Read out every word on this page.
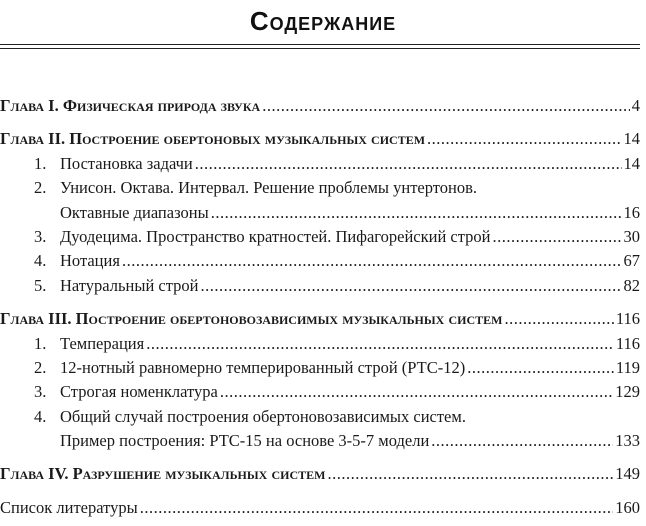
Содержание
Глава I. Физическая природа звука .....	4
Глава II. Построение обертоновых музыкальных систем .....	14
1. Постановка задачи .....	14
2. Унисон. Октава. Интервал. Решение проблемы унтертонов.
Октавные диапазоны .....	16
3. Дуодецима. Пространство кратностей. Пифагорейский строй .....	30
4. Нотация .....	67
5. Натуральный строй .....	82
Глава III. Построение обертоновозависимых музыкальных систем .....	116
1. Темперация .....	116
2. 12-нотный равномерно темперированный строй (РТС-12) .....	119
3. Строгая номенклатура .....	129
4. Общий случай построения обертоновозависимых систем.
Пример построения: РТС-15 на основе 3-5-7 модели .....	133
Глава IV. Разрушение музыкальных систем .....	149
Список литературы .....	160
